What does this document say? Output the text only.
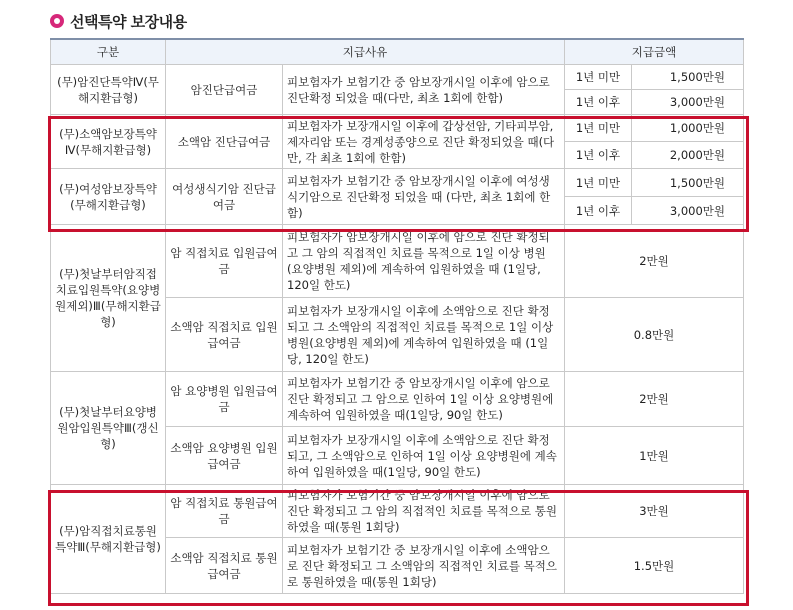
선택특약 보장내용
구분	지급사유		지급금액	
(무)암진단특약Ⅳ(무해지환급형)	암진단급여금	피보험자가 보험기간 중 암보장개시일 이후에 암으로 진단확정 되었을 때(다만, 최초 1회에 한함)	1년 미만	1,500만원
			1년 이후	3,000만원
(무)소액암보장특약Ⅳ(무해지환급형)	소액암 진단급여금	피보험자가 보장개시일 이후에 갑상선암, 기타피부암, 제자리암 또는 경계성종양으로 진단 확정되었을 때(다만, 각 최초 1회에 한함)	1년 미만	1,000만원
			1년 이후	2,000만원
(무)여성암보장특약(무해지환급형)	여성생식기암 진단급여금	피보험자가 보험기간 중 암보장개시일 이후에 여성생식기암으로 진단확정 되었을 때 (다만, 최초 1회에 한함)	1년 미만	1,500만원
			1년 이후	3,000만원
(무)첫날부터암직접치료입원특약(요양병원제외)Ⅲ(무해지환급형)	암 직접치료 입원급여금	피보험자가 암보장개시일 이후에 암으로 진단 확정되고 그 암의 직접적인 치료를 목적으로 1일 이상 병원(요양병원 제외)에 계속하여 입원하였을 때 (1일당, 120일 한도)	2만원	
	소액암 직접치료 입원급여금	피보험자가 보장개시일 이후에 소액암으로 진단 확정되고 그 소액암의 직접적인 치료를 목적으로 1일 이상 병원(요양병원 제외)에 계속하여 입원하였을 때 (1일당, 120일 한도)	0.8만원	
(무)첫날부터요양병원암입원특약Ⅲ(갱신형)	암 요양병원 입원급여금	피보험자가 보험기간 중 암보장개시일 이후에 암으로 진단 확정되고 그 암으로 인하여 1일 이상 요양병원에 계속하여 입원하였을 때(1일당, 90일 한도)	2만원	
	소액암 요양병원 입원급여금	피보험자가 보장개시일 이후에 소액암으로 진단 확정되고, 그 소액암으로 인하여 1일 이상 요양병원에 계속하여 입원하였을 때(1일당, 90일 한도)	1만원	
(무)암직접치료통원특약Ⅲ(무해지환급형)	암 직접치료 통원급여금	피보험자가 보험기간 중 암보장개시일 이후에 암으로 진단 확정되고 그 암의 직접적인 치료를 목적으로 통원하였을 때(통원 1회당)	3만원	
	소액암 직접치료 통원급여금	피보험자가 보험기간 중 보장개시일 이후에 소액암으로 진단 확정되고 그 소액암의 직접적인 치료를 목적으로 통원하였을 때(통원 1회당)	1.5만원	
